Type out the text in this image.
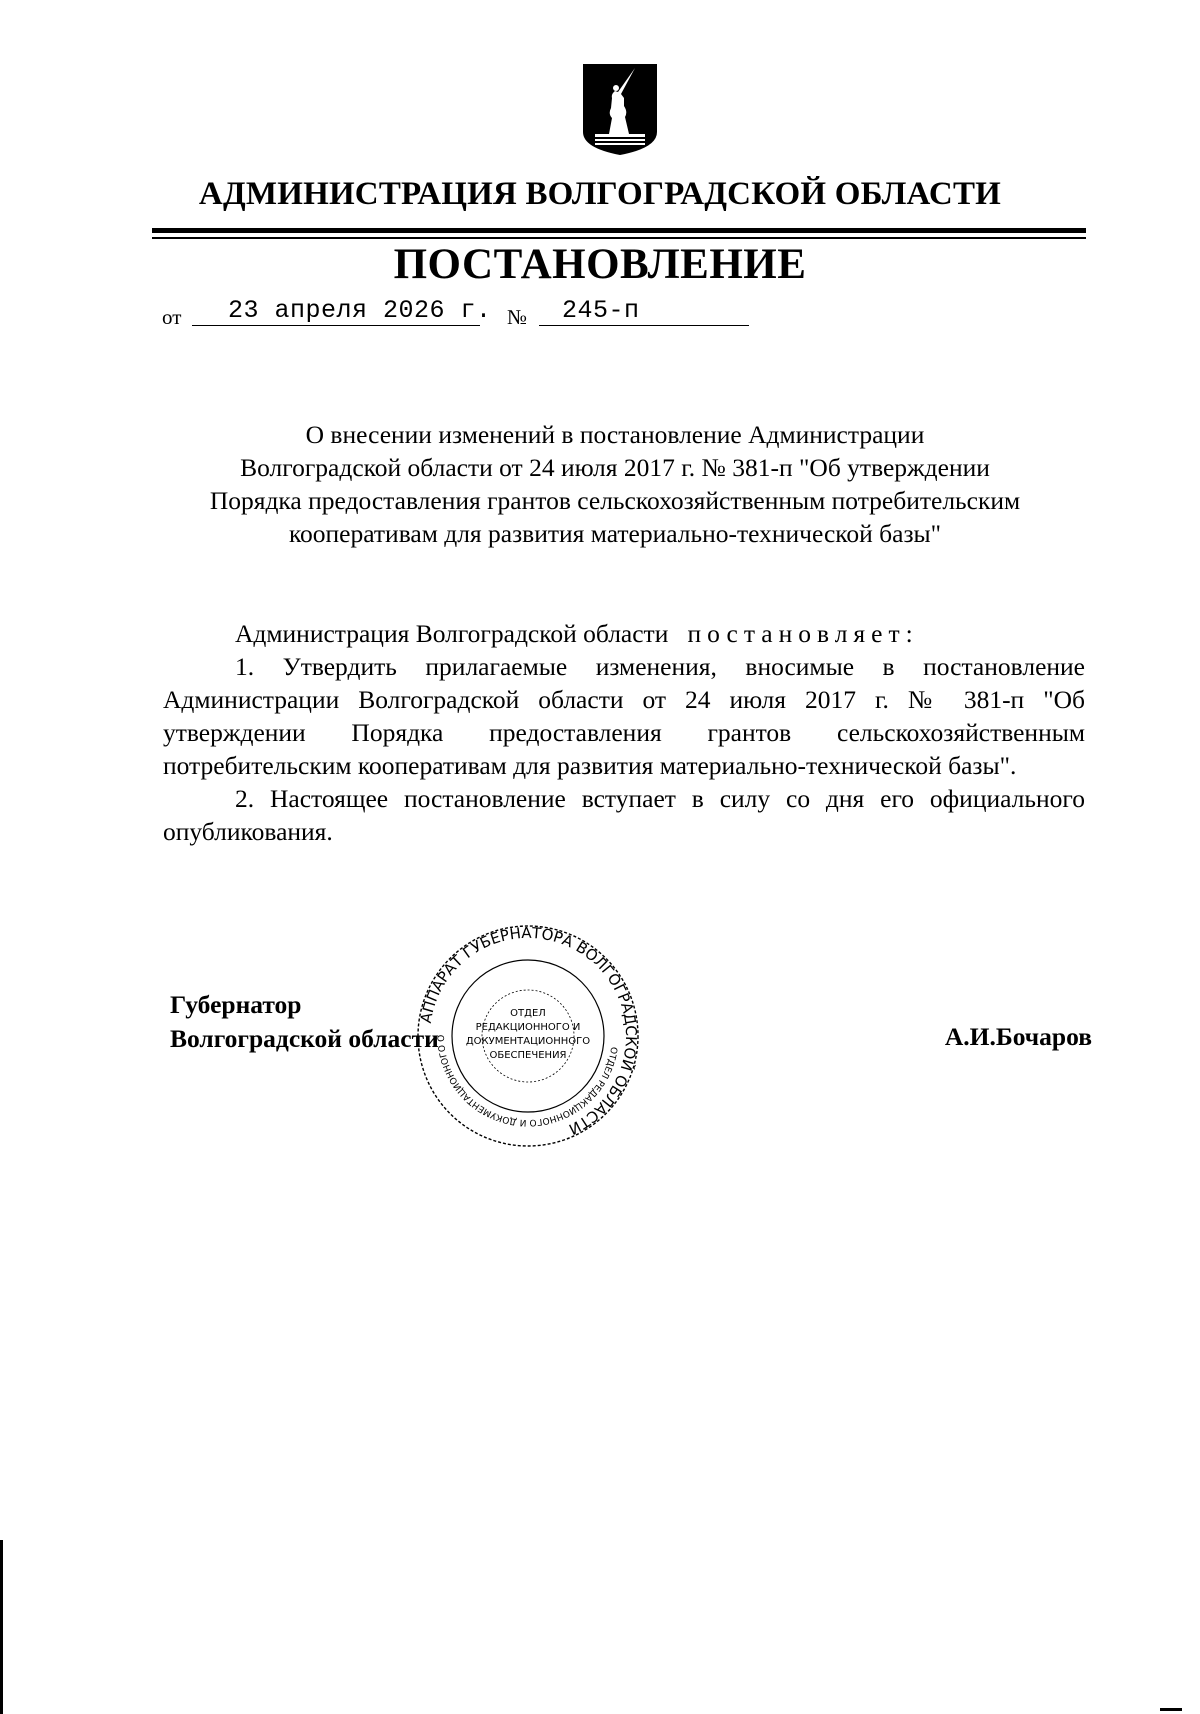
АДМИНИСТРАЦИЯ ВОЛГОГРАДСКОЙ ОБЛАСТИ
ПОСТАНОВЛЕНИЕ
от 23 апреля 2026 г. № 245-п
О внесении изменений в постановление Администрации
Волгоградской области от 24 июля 2017 г. № 381-п "Об утверждении
Порядка предоставления грантов сельскохозяйственным потребительским
кооперативам для развития материально-технической базы"

Администрация Волгоградской области постановляет:

1. Утвердить прилагаемые изменения, вносимые в постановление Администрации Волгоградской области от 24 июля 2017 г. № 381-п "Об утверждении Порядка предоставления грантов сельскохозяйственным потребительским кооперативам для развития материально-технической базы".

2. Настоящее постановление вступает в силу со дня его официального опубликования.

Губернатор
Волгоградской области	А.И.Бочаров
АППАРАТ ГУБЕРНАТОРА ВОЛГОГРАДСКОЙ ОБЛАСТИ
ОТДЕЛ РЕДАКЦИОННОГО И ДОКУМЕНТАЦИОННОГО О
ОТДЕЛ
РЕДАКЦИОННОГО И
ДОКУМЕНТАЦИОННОГО
ОБЕСПЕЧЕНИЯ
